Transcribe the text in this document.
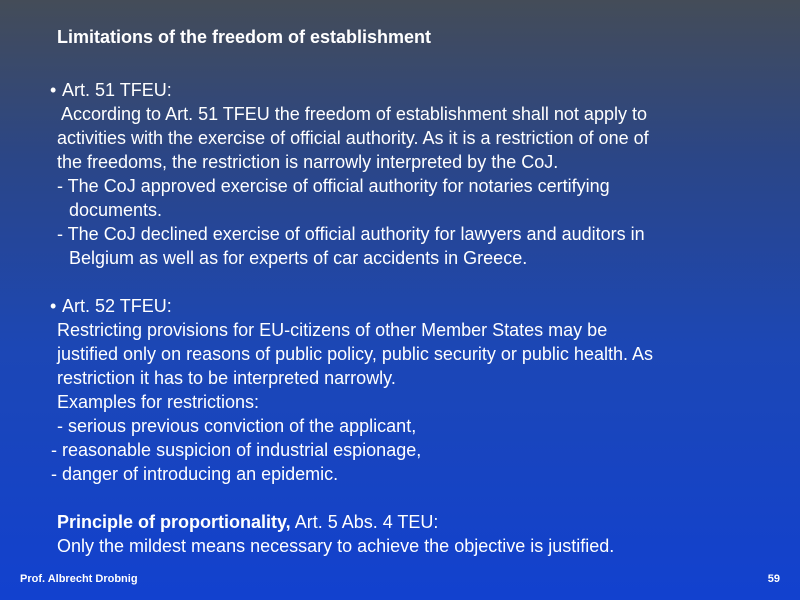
Limitations of the freedom of establishment
• Art. 51 TFEU:
According to Art. 51 TFEU the freedom of establishment shall not apply to
activities with the exercise of official authority. As it is a restriction of one of
the freedoms, the restriction is narrowly interpreted by the CoJ.
- The CoJ approved exercise of official authority for notaries certifying
documents.
- The CoJ declined exercise of official authority for lawyers and auditors in
Belgium as well as for experts of car accidents in Greece.
• Art. 52 TFEU:
Restricting provisions for EU-citizens of other Member States may be
justified only on reasons of public policy, public security or public health. As
restriction it has to be interpreted narrowly.
Examples for restrictions:
- serious previous conviction of the applicant,
- reasonable suspicion of industrial espionage,
- danger of introducing an epidemic.
Principle of proportionality, Art. 5 Abs. 4 TEU:
Only the mildest means necessary to achieve the objective is justified.
Prof. Albrecht Drobnig	59
